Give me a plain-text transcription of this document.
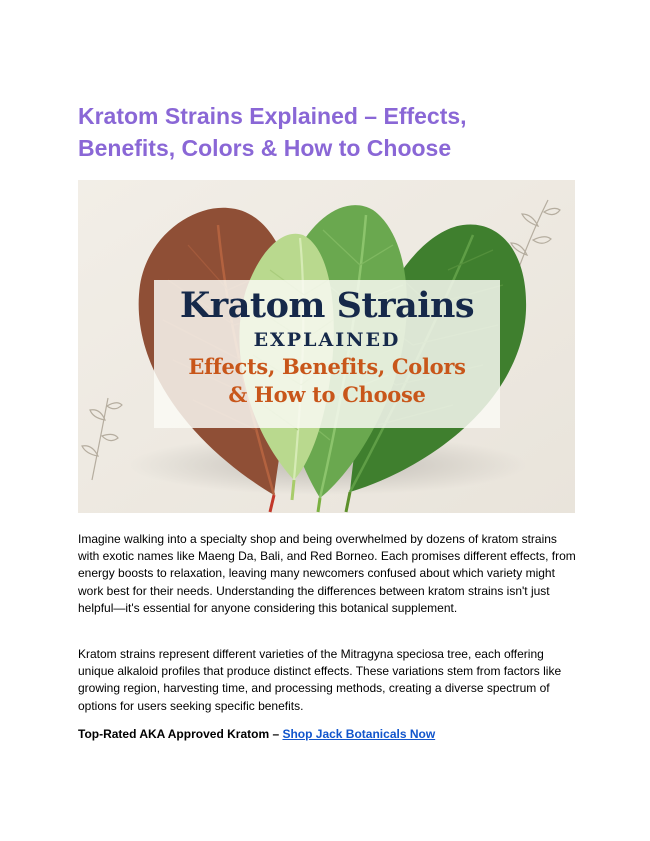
Kratom Strains Explained – Effects,
Benefits, Colors & How to Choose
Kratom Strains
EXPLAINED
Effects, Benefits, Colors
& How to Choose

Imagine walking into a specialty shop and being overwhelmed by dozens of kratom strains with exotic names like Maeng Da, Bali, and Red Borneo. Each promises different effects, from energy boosts to relaxation, leaving many newcomers confused about which variety might work best for their needs. Understanding the differences between kratom strains isn't just helpful—it's essential for anyone considering this botanical supplement.

Kratom strains represent different varieties of the Mitragyna speciosa tree, each offering unique alkaloid profiles that produce distinct effects. These variations stem from factors like growing region, harvesting time, and processing methods, creating a diverse spectrum of options for users seeking specific benefits.

Top-Rated AKA Approved Kratom – Shop Jack Botanicals Now
